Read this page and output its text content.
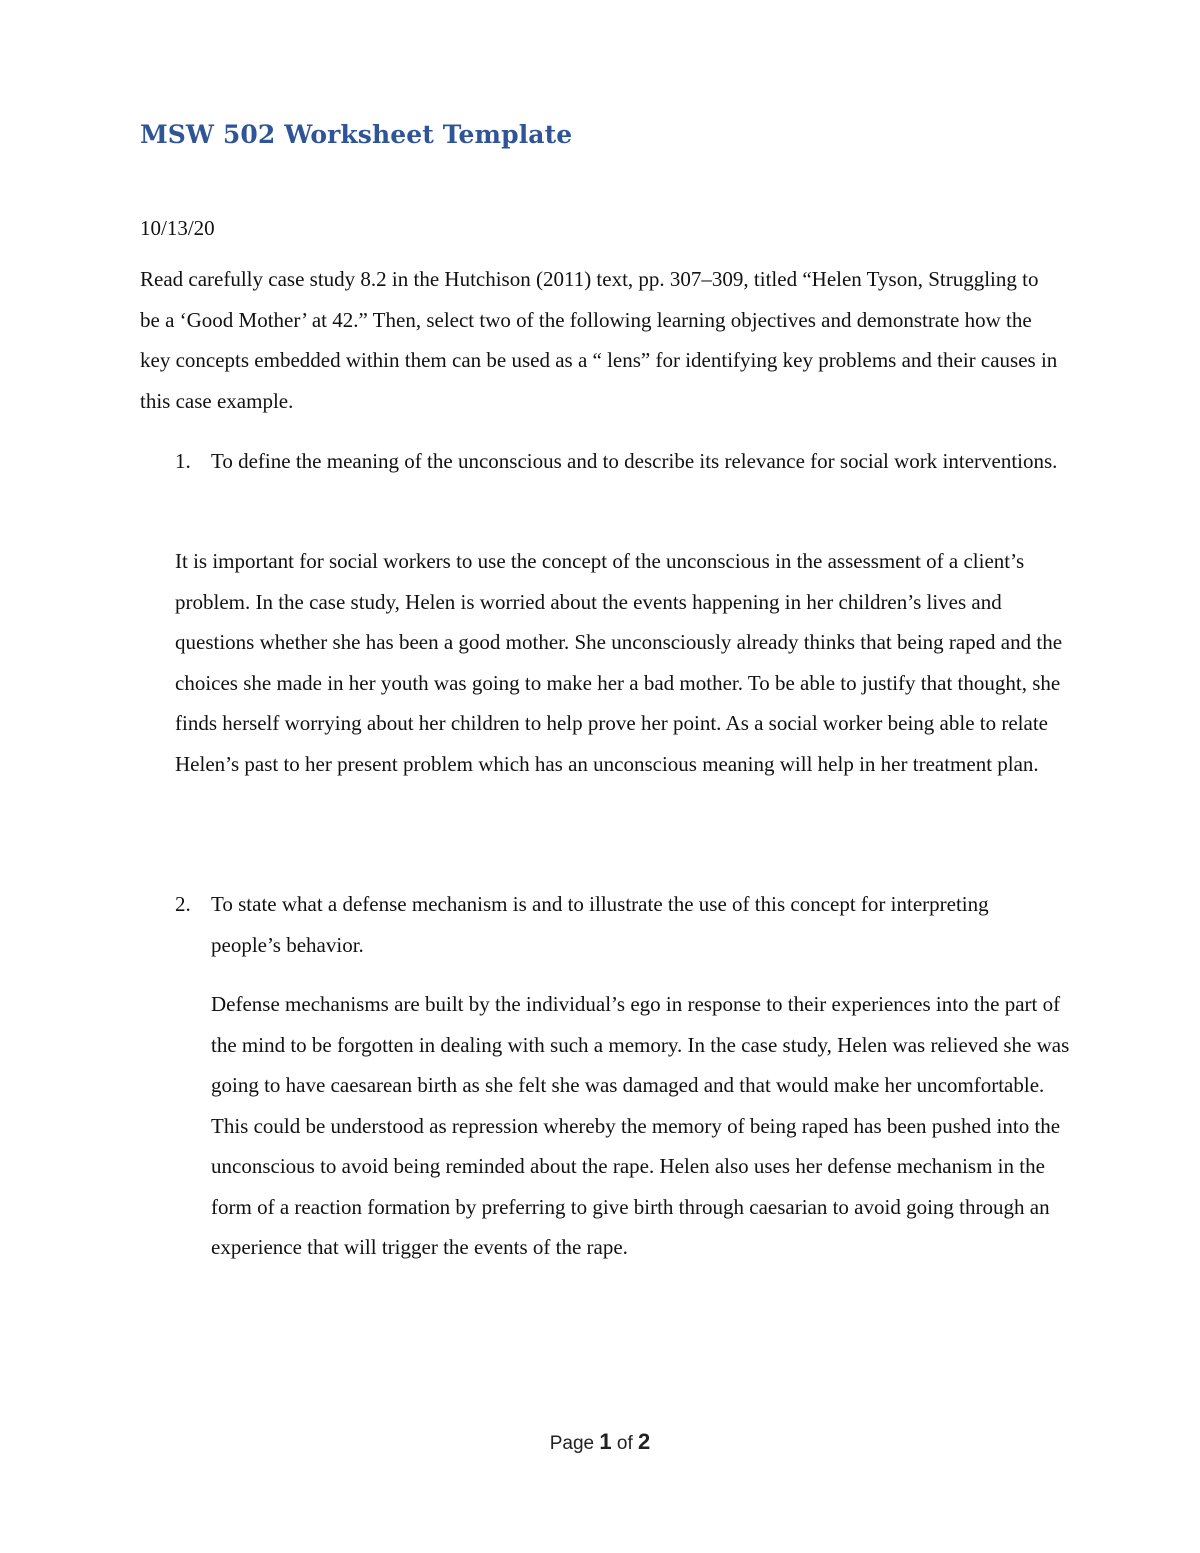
MSW 502 Worksheet Template

10/13/20

Read carefully case study 8.2 in the Hutchison (2011) text, pp. 307–309, titled “Helen Tyson, Struggling to be a ‘Good Mother’ at 42.” Then, select two of the following learning objectives and demonstrate how the key concepts embedded within them can be used as a “ lens” for identifying key problems and their causes in this case example.

1. To define the meaning of the unconscious and to describe its relevance for social work interventions.

It is important for social workers to use the concept of the unconscious in the assessment of a client’s problem. In the case study, Helen is worried about the events happening in her children’s lives and questions whether she has been a good mother. She unconsciously already thinks that being raped and the choices she made in her youth was going to make her a bad mother. To be able to justify that thought, she finds herself worrying about her children to help prove her point. As a social worker being able to relate Helen’s past to her present problem which has an unconscious meaning will help in her treatment plan.

2. To state what a defense mechanism is and to illustrate the use of this concept for interpreting people’s behavior.

Defense mechanisms are built by the individual’s ego in response to their experiences into the part of the mind to be forgotten in dealing with such a memory. In the case study, Helen was relieved she was going to have caesarean birth as she felt she was damaged and that would make her uncomfortable. This could be understood as repression whereby the memory of being raped has been pushed into the unconscious to avoid being reminded about the rape. Helen also uses her defense mechanism in the form of a reaction formation by preferring to give birth through caesarian to avoid going through an experience that will trigger the events of the rape.

Page 1 of 2
